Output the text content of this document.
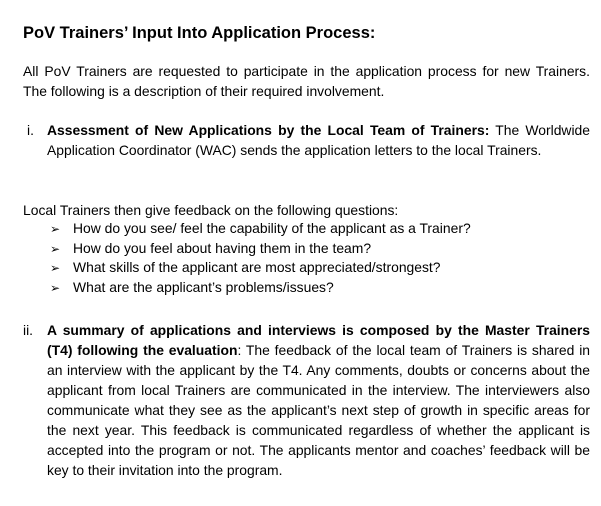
PoV Trainers’ Input Into Application Process:
All PoV Trainers are requested to participate in the application process for new Trainers. The following is a description of their required involvement.
i. Assessment of New Applications by the Local Team of Trainers: The Worldwide Application Coordinator (WAC) sends the application letters to the local Trainers.
Local Trainers then give feedback on the following questions:
➢ How do you see/ feel the capability of the applicant as a Trainer?
➢ How do you feel about having them in the team?
➢ What skills of the applicant are most appreciated/strongest?
➢ What are the applicant’s problems/issues?
ii. A summary of applications and interviews is composed by the Master Trainers (T4) following the evaluation: The feedback of the local team of Trainers is shared in an interview with the applicant by the T4. Any comments, doubts or concerns about the applicant from local Trainers are communicated in the interview. The interviewers also communicate what they see as the applicant’s next step of growth in specific areas for the next year. This feedback is communicated regardless of whether the applicant is accepted into the program or not. The applicants mentor and coaches’ feedback will be key to their invitation into the program.
